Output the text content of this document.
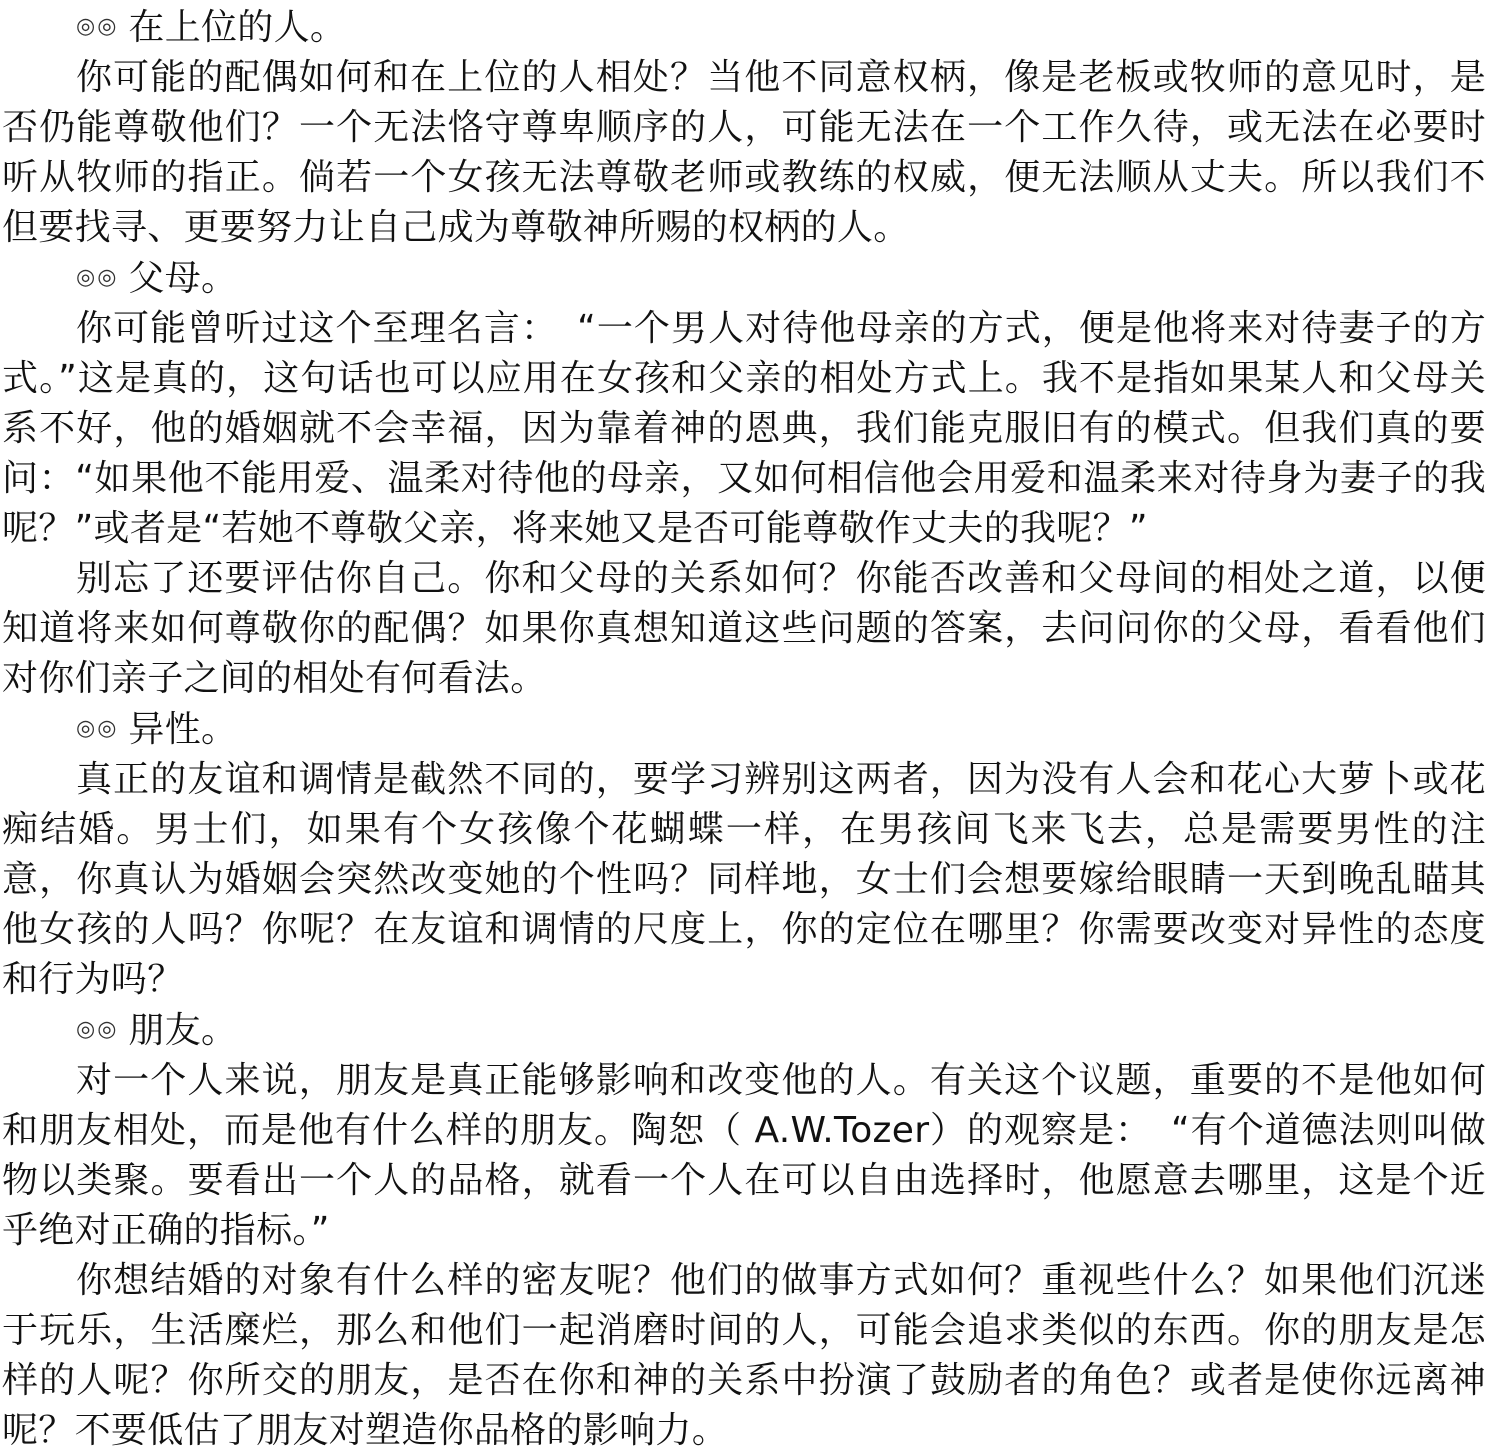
◎◎ 在上位的人。

你可能的配偶如何和在上位的人相处？当他不同意权柄，像是老板或牧师的意见时，是否仍能尊敬他们？一个无法恪守尊卑顺序的人，可能无法在一个工作久待，或无法在必要时听从牧师的指正。倘若一个女孩无法尊敬老师或教练的权威，便无法顺从丈夫。所以我们不但要找寻、更要努力让自己成为尊敬神所赐的权柄的人。

◎◎ 父母。

你可能曾听过这个至理名言：　“一个男人对待他母亲的方式，便是他将来对待妻子的方式。”这是真的，这句话也可以应用在女孩和父亲的相处方式上。我不是指如果某人和父母关系不好，他的婚姻就不会幸福，因为靠着神的恩典，我们能克服旧有的模式。但我们真的要问：“如果他不能用爱、温柔对待他的母亲，又如何相信他会用爱和温柔来对待身为妻子的我呢？”或者是“若她不尊敬父亲，将来她又是否可能尊敬作丈夫的我呢？”

别忘了还要评估你自己。你和父母的关系如何？你能否改善和父母间的相处之道，以便知道将来如何尊敬你的配偶？如果你真想知道这些问题的答案，去问问你的父母，看看他们对你们亲子之间的相处有何看法。

◎◎ 异性。

真正的友谊和调情是截然不同的，要学习辨别这两者，因为没有人会和花心大萝卜或花痴结婚。男士们，如果有个女孩像个花蝴蝶一样，在男孩间飞来飞去，总是需要男性的注意，你真认为婚姻会突然改变她的个性吗？同样地，女士们会想要嫁给眼睛一天到晚乱瞄其他女孩的人吗？你呢？在友谊和调情的尺度上，你的定位在哪里？你需要改变对异性的态度和行为吗？

◎◎ 朋友。

对一个人来说，朋友是真正能够影响和改变他的人。有关这个议题，重要的不是他如何和朋友相处，而是他有什么样的朋友。陶恕（ A.W.Tozer）的观察是：　“有个道德法则叫做物以类聚。要看出一个人的品格，就看一个人在可以自由选择时，他愿意去哪里，这是个近乎绝对正确的指标。”

你想结婚的对象有什么样的密友呢？他们的做事方式如何？重视些什么？如果他们沉迷于玩乐，生活糜烂，那么和他们一起消磨时间的人，可能会追求类似的东西。你的朋友是怎样的人呢？你所交的朋友，是否在你和神的关系中扮演了鼓励者的角色？或者是使你远离神呢？不要低估了朋友对塑造你品格的影响力。
